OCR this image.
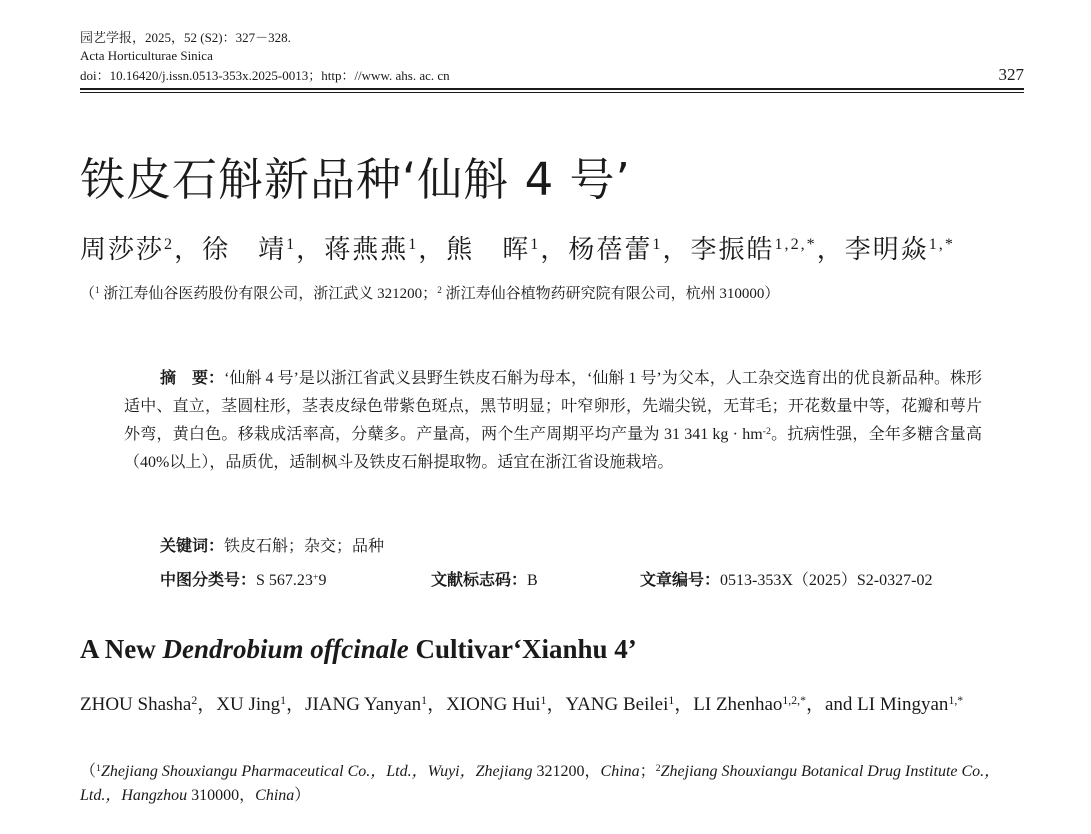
园艺学报，2025，52 (S2)：327－328.
Acta Horticulturae Sinica
doi：10.16420/j.issn.0513-353x.2025-0013；http：//www. ahs. ac. cn	327
铁皮石斛新品种‘仙斛 4 号’
周莎莎$^2$，徐　靖$^1$，蒋燕燕$^1$，熊　晖$^1$，杨蓓蕾$^1$，李振皓$^{1,2,*}$，李明焱$^{1,*}$
（$^1$ 浙江寿仙谷医药股份有限公司，浙江武义 321200；$^2$ 浙江寿仙谷植物药研究院有限公司，杭州 310000）
摘　要：‘仙斛 4 号’是以浙江省武义县野生铁皮石斛为母本，‘仙斛 1 号’为父本，人工杂交选育出的优良新品种。株形适中、直立，茎圆柱形，茎表皮绿色带紫色斑点，黑节明显；叶窄卵形，先端尖锐，无茸毛；开花数量中等，花瓣和萼片外弯，黄白色。移栽成活率高，分蘖多。产量高，两个生产周期平均产量为 31 341 kg · $hm^{-2}$。抗病性强，全年多糖含量高（40%以上），品质优，适制枫斗及铁皮石斛提取物。适宜在浙江省设施栽培。
关键词：铁皮石斛；杂交；品种
中图分类号：S 567.23+9	文献标志码：B	文章编号：0513-353X（2025）S2-0327-02
A New Dendrobium offcinale Cultivar‘Xianhu 4’
ZHOU Shasha$^2$，XU Jing$^1$，JIANG Yanyan$^1$，XIONG Hui$^1$，YANG Beilei$^1$，LI Zhenhao$^{1,2,*}$，and LI Mingyan$^{1,*}$
（$^1$Zhejiang Shouxiangu Pharmaceutical Co.，Ltd.，Wuyi，Zhejiang 321200，China；$^2$Zhejiang Shouxiangu Botanical Drug Institute Co.，Ltd.，Hangzhou 310000，China）
